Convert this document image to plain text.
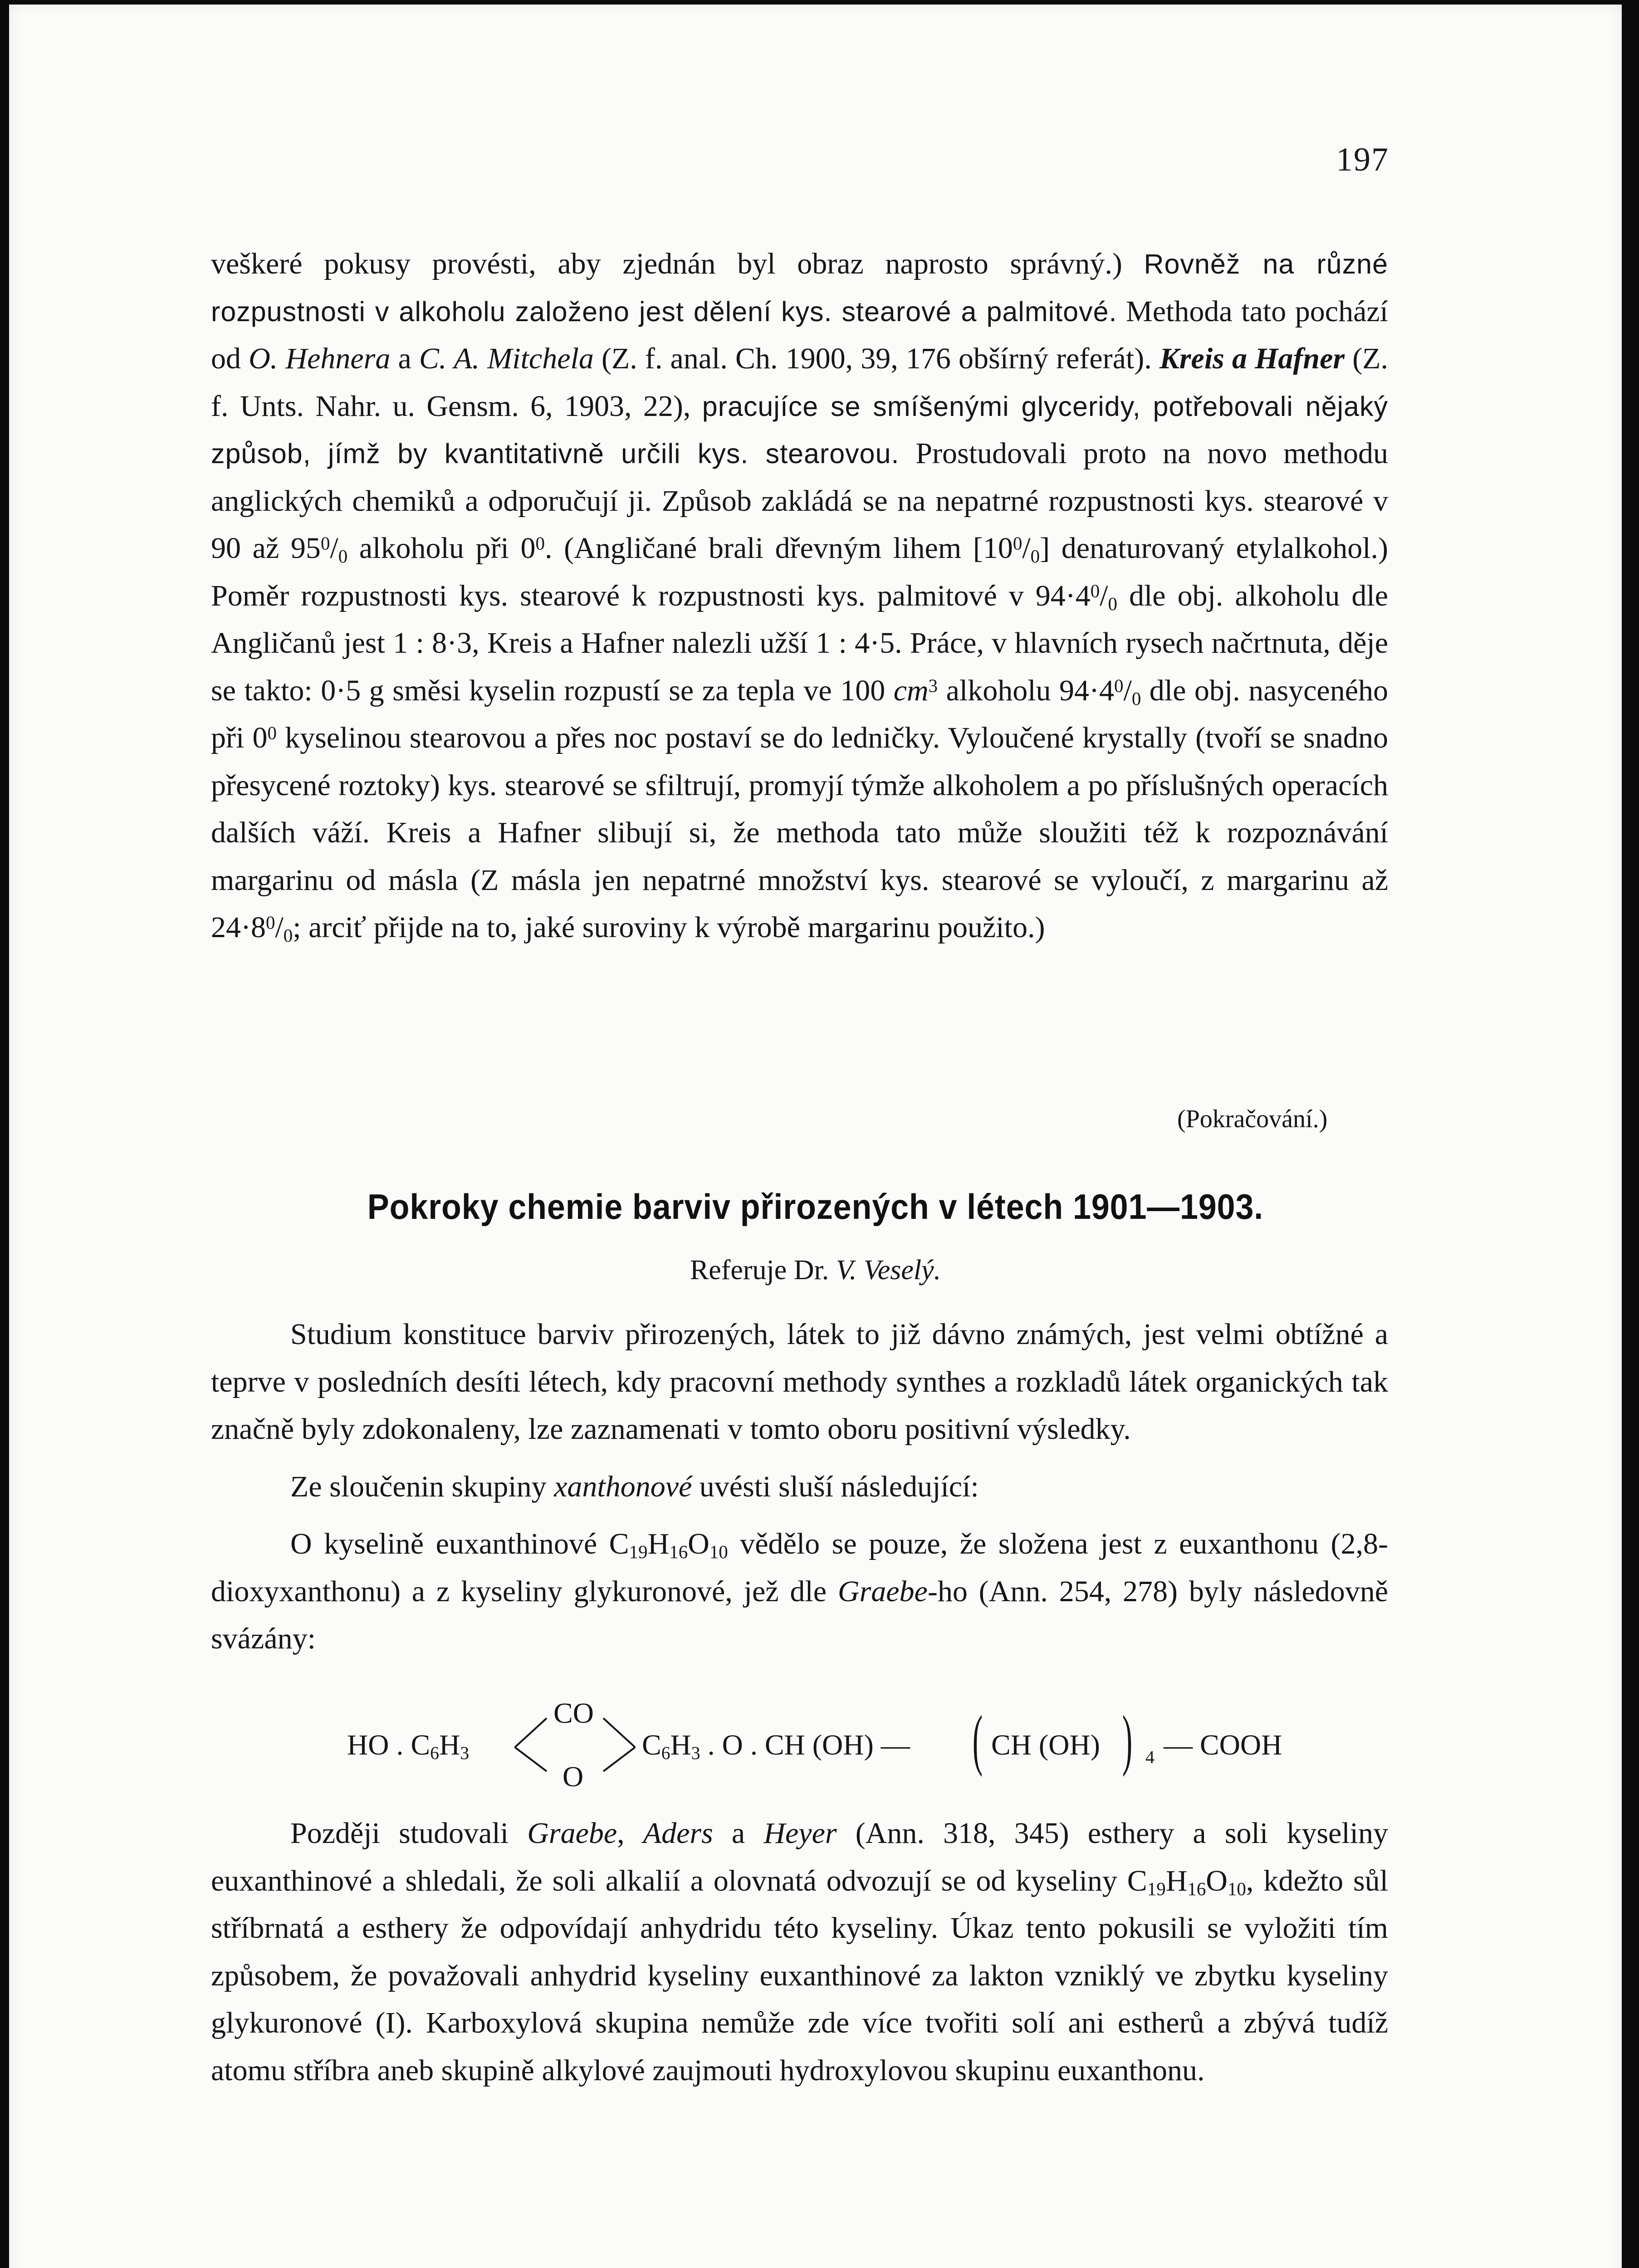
197

veškeré pokusy provésti, aby zjednán byl obraz naprosto správný.) Rovněž na různé rozpustnosti v alkoholu založeno jest dělení kys. stearové a palmitové. Methoda tato pochází od O. Hehnera a C. A. Mitchela (Z. f. anal. Ch. 1900, 39, 176 obšírný referát). Kreis a Hafner (Z. f. Unts. Nahr. u. Gensm. 6, 1903, 22), pracujíce se smíšenými glyceridy, potřebovali nějaký způsob, jímž by kvantitativně určili kys. stearovou. Prostudovali proto na novo methodu anglických chemiků a odporučují ji. Způsob zakládá se na nepatrné rozpustnosti kys. stearové v 90 až $95^0/_0$ alkoholu při $0^0$. (Angličané brali dřevným lihem $[10^0/_0]$ denaturovaný etylalkohol.) Poměr rozpustnosti kys. stearové k rozpustnosti kys. palmitové v $94\cdot 4^0/_0$ dle obj. alkoholu dle Angličanů jest 1 : 8·3, Kreis a Hafner nalezli užší 1 : 4·5. Práce, v hlavních rysech načrtnuta, děje se takto: 0·5 g směsi kyselin rozpustí se za tepla ve 100 $cm^3$ alkoholu $94\cdot 4^0/_0$ dle obj. nasyceného při $0^0$ kyselinou stearovou a přes noc postaví se do ledničky. Vyloučené krystally (tvoří se snadno přesycené roztoky) kys. stearové se sfiltrují, promyjí týmže alkoholem a po příslušných operacích dalších váží. Kreis a Hafner slibují si, že methoda tato může sloužiti též k rozpoznávání margarinu od másla (Z másla jen nepatrné množství kys. stearové se vyloučí, z margarinu až $24\cdot 8^0/_0$; arciť přijde na to, jaké suroviny k výrobě margarinu použito.)

(Pokračování.)
Pokroky chemie barviv přirozených v létech 1901—1903.
Referuje Dr. V. Veselý.

Studium konstituce barviv přirozených, látek to již dávno známých, jest velmi obtížné a teprve v posledních desíti létech, kdy pracovní methody synthes a rozkladů látek organických tak značně byly zdokonaleny, lze zaznamenati v tomto oboru positivní výsledky.

Ze sloučenin skupiny xanthonové uvésti sluší následující:

O kyselině euxanthinové $C_{19}H_{16}O_{10}$ vědělo se pouze, že složena jest z euxanthonu (2,8-dioxyxanthonu) a z kyseliny glykuronové, jež dle Graebe-ho (Ann. 254, 278) byly následovně svázány:

HO . $C_6H_3$
CO
O
$C_6H_3$ . O . CH (OH) — ( CH (OH) ) 4 — COOH

Později studovali Graebe, Aders a Heyer (Ann. 318, 345) esthery a soli kyseliny euxanthinové a shledali, že soli alkalií a olovnatá odvozují se od kyseliny $C_{19}H_{16}O_{10}$, kdežto sůl stříbrnatá a esthery že odpovídají anhydridu této kyseliny. Úkaz tento pokusili se vyložiti tím způsobem, že považovali anhydrid kyseliny euxanthinové za lakton vzniklý ve zbytku kyseliny glykuronové (I). Karboxylová skupina nemůže zde více tvořiti solí ani estherů a zbývá tudíž atomu stříbra aneb skupině alkylové zaujmouti hydroxylovou skupinu euxanthonu.
